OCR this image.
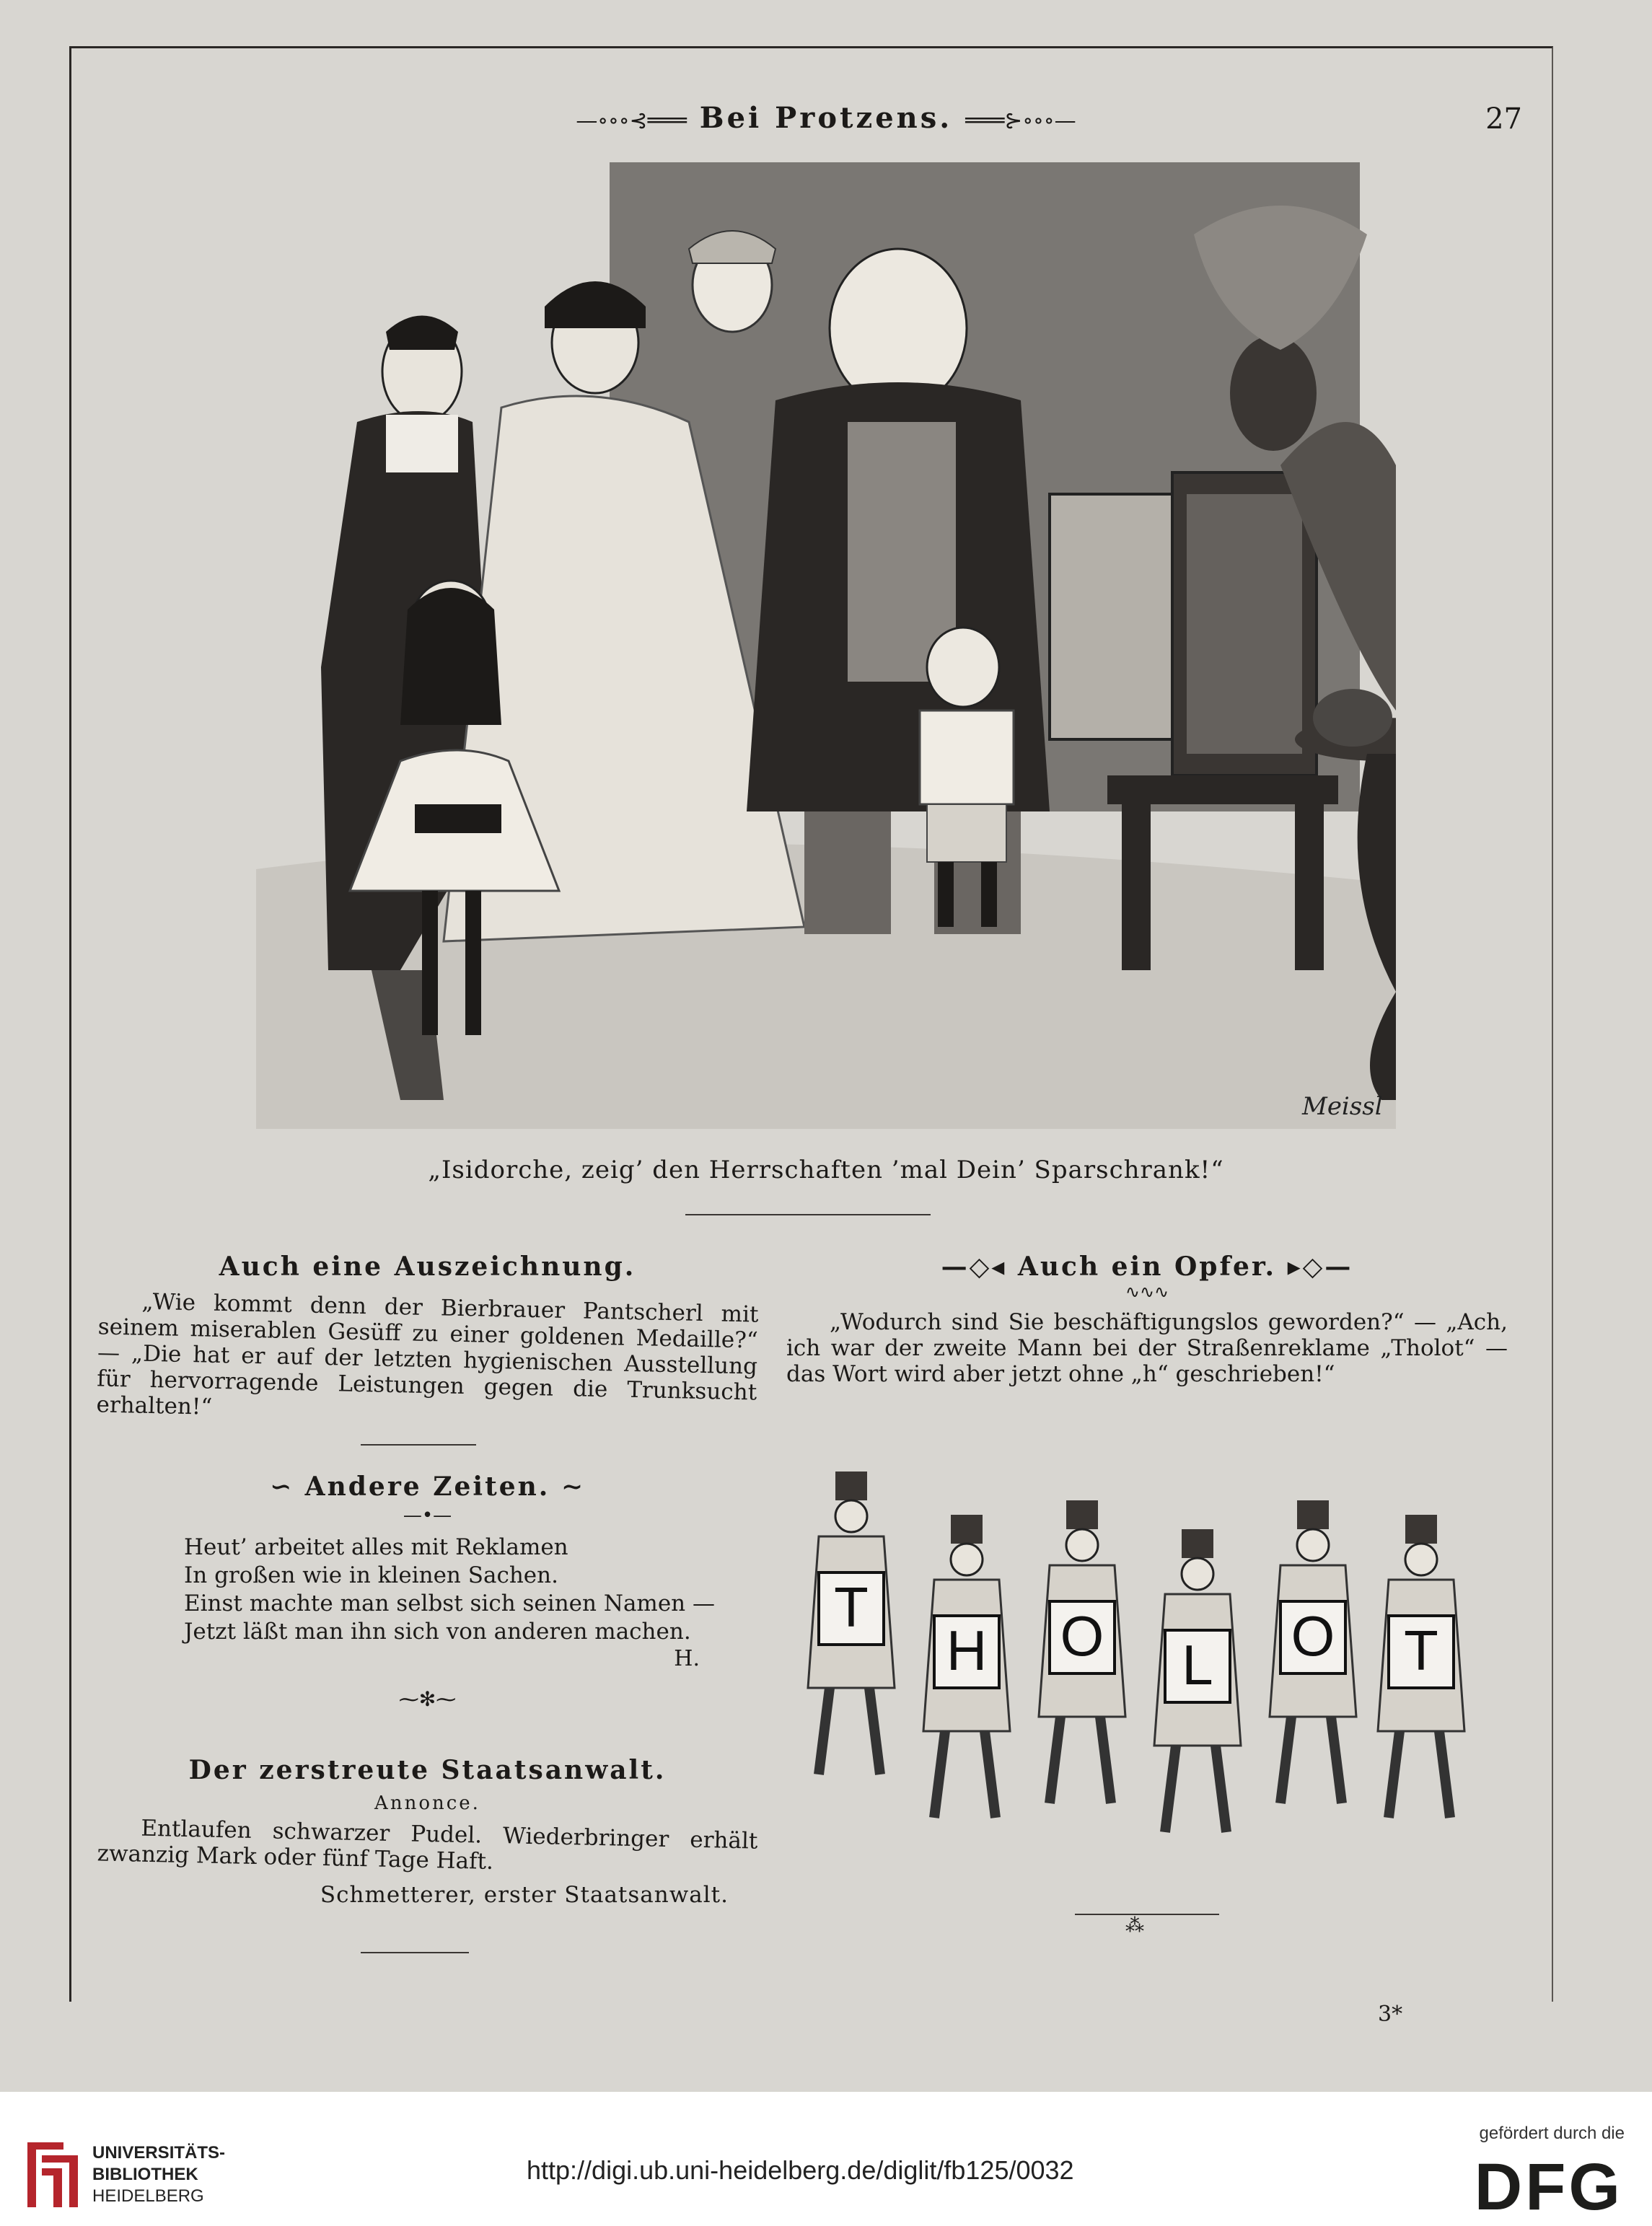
—∘∘∘⊰═══ Bei Protzens. ═══⊱∘∘∘—	27
Meissl
„Isidorche, zeig’ den Herrschaften ’mal Dein’ Sparschrank!“
Auch eine Auszeichnung.
„Wie kommt denn der Bierbrauer Pantscherl mit seinem miserablen Gesüff zu einer goldenen Medaille?“ — „Die hat er auf der letzten hygienischen Ausstellung für hervorragende Leistungen gegen die Trunksucht erhalten!“
∽ Andere Zeiten. ∼
—•—
Heut’ arbeitet alles mit Reklamen
In großen wie in kleinen Sachen.
Einst machte man selbst sich seinen Namen —
Jetzt läßt man ihn sich von anderen machen.
H.
⁓✻⁓
Der zerstreute Staatsanwalt.
Annonce.
Entlaufen schwarzer Pudel. Wiederbringer erhält zwanzig Mark oder fünf Tage Haft.
Schmetterer, erster Staatsanwalt.
—◇◂ Auch ein Opfer. ▸◇—
∿∿∿
„Wodurch sind Sie beschäftigungslos geworden?“ — „Ach, ich war der zweite Mann bei der Straßenreklame „Tholot“ — das Wort wird aber jetzt ohne „h“ geschrieben!“
T
H O L O T
⁂
3*
UNIVERSITÄTS-
BIBLIOTHEK
HEIDELBERG
http://digi.ub.uni-heidelberg.de/diglit/fb125/0032
gefördert durch die
DFG
